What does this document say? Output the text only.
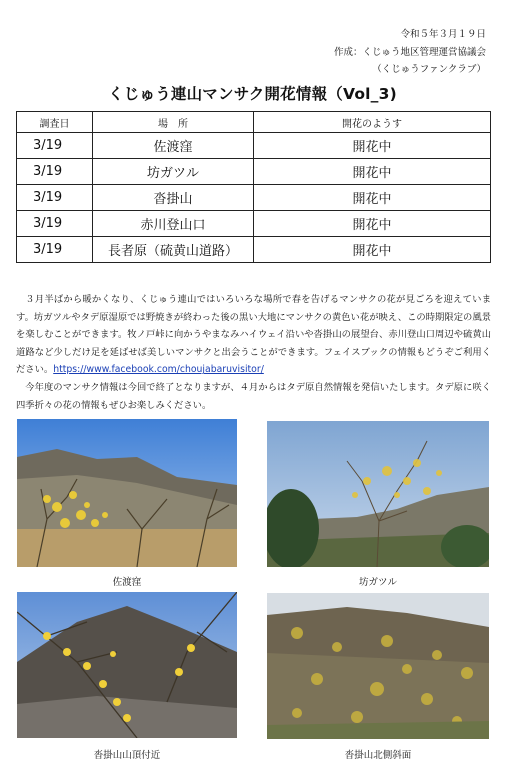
令和５年３月１９日
作成：くじゅう地区管理運営協議会
（くじゅうファンクラブ）
くじゅう連山マンサク開花情報（Vol_3)
調査日	場　所	開花のようす
3/19	佐渡窪	開花中
3/19	坊ガツル	開花中
3/19	沓掛山	開花中
3/19	赤川登山口	開花中
3/19	長者原（硫黄山道路）	開花中

３月半ばから暖かくなり、くじゅう連山ではいろいろな場所で春を告げるマンサクの花が見ごろを迎えています。坊ガツルやタデ原湿原では野焼きが終わった後の黒い大地にマンサクの黄色い花が映え、この時期限定の風景を楽しむことができます。牧ノ戸峠に向かうやまなみハイウェイ沿いや沓掛山の展望台、赤川登山口周辺や硫黄山道路など少しだけ足を延ばせば美しいマンサクと出会うことができます。フェイスブックの情報もどうぞご利用ください。https://www.facebook.com/choujabaruvisitor/

今年度のマンサク情報は今回で終了となりますが、４月からはタデ原自然情報を発信いたします。タデ原に咲く四季折々の花の情報もぜひお楽しみください。

佐渡窪	坊ガツル
沓掛山山頂付近	沓掛山北側斜面
